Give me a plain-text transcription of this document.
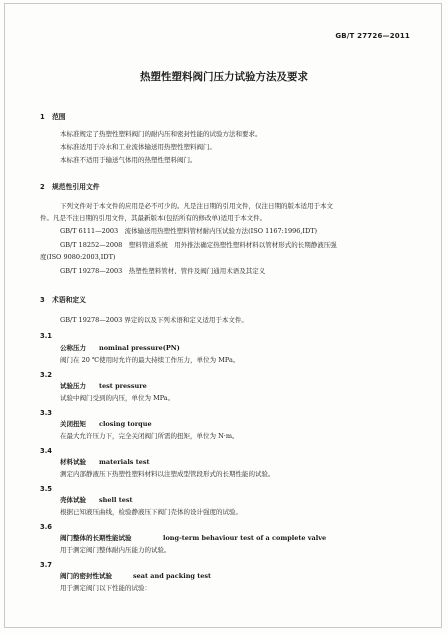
GB/T 27726—2011
热塑性塑料阀门压力试验方法及要求
1 范围
本标准规定了热塑性塑料阀门的耐内压和密封性能的试验方法和要求。
本标准适用于冷水和工业流体输送用热塑性塑料阀门。
本标准不适用于输送气体用的热塑性塑料阀门。
2 规范性引用文件
下列文件对于本文件的应用是必不可少的。凡是注日期的引用文件，仅注日期的版本适用于本文
件。凡是不注日期的引用文件，其最新版本(包括所有的修改单)适用于本文件。
GB/T 6111—2003　流体输送用热塑性塑料管材耐内压试验方法(ISO 1167:1996,IDT)
GB/T 18252—2008　塑料管道系统　用外推法确定热塑性塑料材料以管材形式的长期静液压强
度(ISO 9080:2003,IDT)
GB/T 19278—2003　热塑性塑料管材、管件及阀门通用术语及其定义
3 术语和定义
GB/T 19278—2003 界定的以及下列术语和定义适用于本文件。
3.1
公称压力 nominal pressure(PN)
阀门在 20 ℃使用时允许的最大持续工作压力，单位为 MPa。
3.2
试验压力 test pressure
试验中阀门受到的内压，单位为 MPa。
3.3
关闭扭矩 closing torque
在最大允许压力下，完全关闭阀门所需的扭矩，单位为 N·m。
3.4
材料试验 materials test
测定内部静液压下热塑性塑料材料以注塑成型管段形式的长期性能的试验。
3.5
壳体试验 shell test
根据已知液压曲线，检验静液压下阀门壳体的设计强度的试验。
3.6
阀门整体的长期性能试验	long-term behaviour test of a complete valve
用于测定阀门整体耐内压能力的试验。
3.7
阀门的密封性试验	seat and packing test
用于测定阀门以下性能的试验：
